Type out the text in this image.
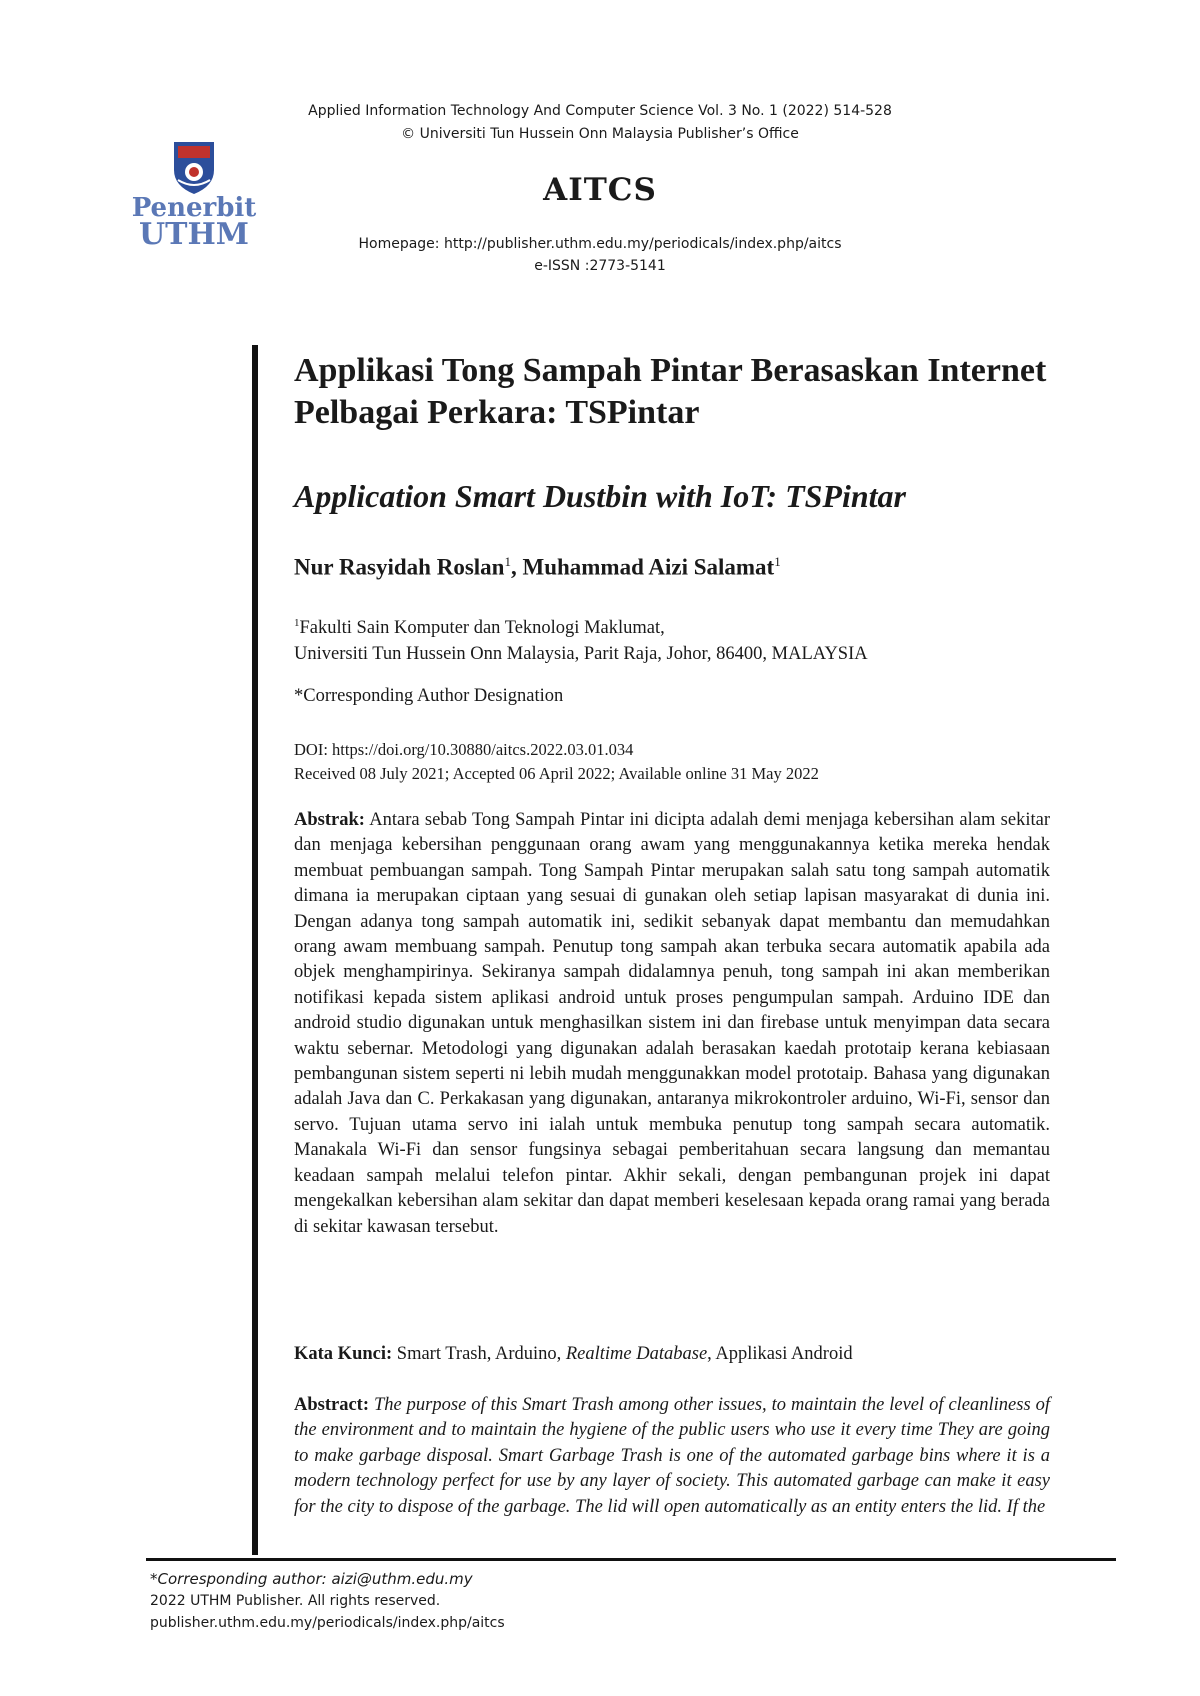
Penerbit
UTHM
Applied Information Technology And Computer Science Vol. 3 No. 1 (2022) 514-528
© Universiti Tun Hussein Onn Malaysia Publisher’s Office
AITCS
Homepage: http://publisher.uthm.edu.my/periodicals/index.php/aitcs
e-ISSN :2773-5141
Applikasi Tong Sampah Pintar Berasaskan Internet Pelbagai Perkara: TSPintar
Application Smart Dustbin with IoT: TSPintar
Nur Rasyidah Roslan$^1$, Muhammad Aizi Salamat$^1$
$^1$Fakulti Sain Komputer dan Teknologi Maklumat,
Universiti Tun Hussein Onn Malaysia, Parit Raja, Johor, 86400, MALAYSIA
*Corresponding Author Designation
DOI: https://doi.org/10.30880/aitcs.2022.03.01.034
Received 08 July 2021; Accepted 06 April 2022; Available online 31 May 2022

Abstrak: Antara sebab Tong Sampah Pintar ini dicipta adalah demi menjaga kebersihan alam sekitar dan menjaga kebersihan penggunaan orang awam yang menggunakannya ketika mereka hendak membuat pembuangan sampah. Tong Sampah Pintar merupakan salah satu tong sampah automatik dimana ia merupakan ciptaan yang sesuai di gunakan oleh setiap lapisan masyarakat di dunia ini. Dengan adanya tong sampah automatik ini, sedikit sebanyak dapat membantu dan memudahkan orang awam membuang sampah. Penutup tong sampah akan terbuka secara automatik apabila ada objek menghampirinya. Sekiranya sampah didalamnya penuh, tong sampah ini akan memberikan notifikasi kepada sistem aplikasi android untuk proses pengumpulan sampah. Arduino IDE dan android studio digunakan untuk menghasilkan sistem ini dan firebase untuk menyimpan data secara waktu sebernar. Metodologi yang digunakan adalah berasakan kaedah prototaip kerana kebiasaan pembangunan sistem seperti ni lebih mudah menggunakkan model prototaip. Bahasa yang digunakan adalah Java dan C. Perkakasan yang digunakan, antaranya mikrokontroler arduino, Wi-Fi, sensor dan servo. Tujuan utama servo ini ialah untuk membuka penutup tong sampah secara automatik. Manakala Wi-Fi dan sensor fungsinya sebagai pemberitahuan secara langsung dan memantau keadaan sampah melalui telefon pintar. Akhir sekali, dengan pembangunan projek ini dapat mengekalkan kebersihan alam sekitar dan dapat memberi keselesaan kepada orang ramai yang berada di sekitar kawasan tersebut.

Kata Kunci: Smart Trash, Arduino, Realtime Database, Applikasi Android

Abstract: The purpose of this Smart Trash among other issues, to maintain the level of cleanliness of the environment and to maintain the hygiene of the public users who use it every time They are going to make garbage disposal. Smart Garbage Trash is one of the automated garbage bins where it is a modern technology perfect for use by any layer of society. This automated garbage can make it easy for the city to dispose of the garbage. The lid will open automatically as an entity enters the lid. If the

*Corresponding author: aizi@uthm.edu.my
2022 UTHM Publisher. All rights reserved.
publisher.uthm.edu.my/periodicals/index.php/aitcs
